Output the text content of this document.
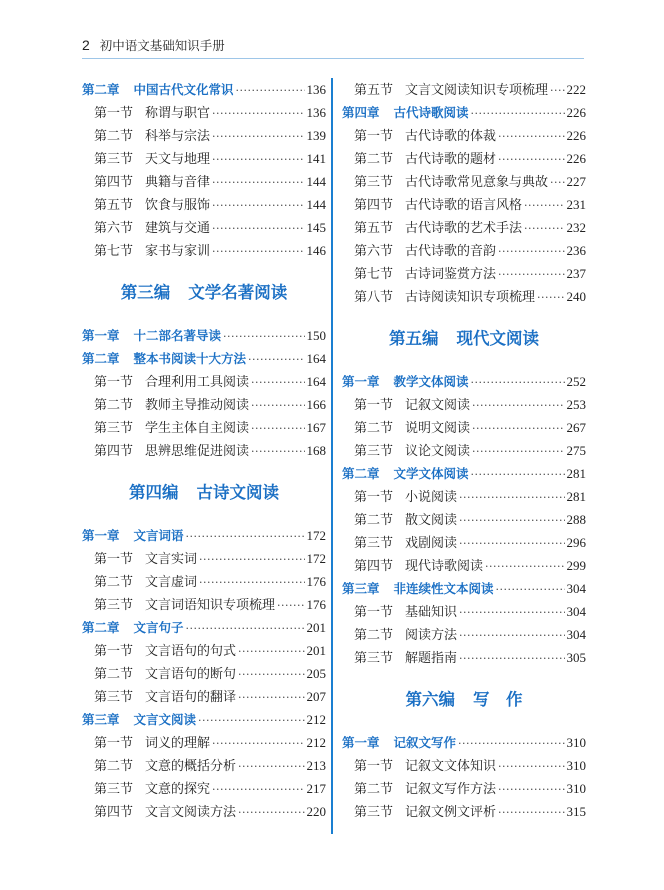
2 初中语文基础知识手册
第二章 中国古代文化常识 ·····	136
第一节 称谓与职官 ·····	136
第二节 科举与宗法 ·····	139
第三节 天文与地理 ·····	141
第四节 典籍与音律 ·····	144
第五节 饮食与服饰 ·····	144
第六节 建筑与交通 ·····	145
第七节 家书与家训 ·····	146
第三编 文学名著阅读
第一章 十二部名著导读 ·····	150
第二章 整本书阅读十大方法 ·····	164
第一节 合理利用工具阅读 ·····	164
第二节 教师主导推动阅读 ·····	166
第三节 学生主体自主阅读 ·····	167
第四节 思辨思维促进阅读 ·····	168
第四编 古诗文阅读
第一章 文言词语 ·····	172
第一节 文言实词 ·····	172
第二节 文言虚词 ·····	176
第三节 文言词语知识专项梳理 ····· 176
第二章 文言句子 ·····	201
第一节 文言语句的句式 ·····	201
第二节 文言语句的断句 ·····	205
第三节 文言语句的翻译 ·····	207
第三章 文言文阅读 ·····	212
第一节 词义的理解 ·····	212
第二节 文意的概括分析 ·····	213
第三节 文意的探究 ·····	217
第四节 文言文阅读方法 ·····	220
第五节 文言文阅读知识专项梳理 ····· 222
第四章 古代诗歌阅读 ·····	226
第一节 古代诗歌的体裁 ·····	226
第二节 古代诗歌的题材 ·····	226
第三节 古代诗歌常见意象与典故 ····· 227
第四节 古代诗歌的语言风格 ·····	231
第五节 古代诗歌的艺术手法 ·····	232
第六节 古代诗歌的音韵 ·····	236
第七节 古诗词鉴赏方法 ·····	237
第八节 古诗阅读知识专项梳理 ····· 240
第五编 现代文阅读
第一章 教学文体阅读 ·····	252
第一节 记叙文阅读 ·····	253
第二节 说明文阅读 ·····	267
第三节 议论文阅读 ·····	275
第二章 文学文体阅读 ·····	281
第一节 小说阅读 ·····	281
第二节 散文阅读 ·····	288
第三节 戏剧阅读 ·····	296
第四节 现代诗歌阅读 ·····	299
第三章 非连续性文本阅读 ·····	304
第一节 基础知识 ·····	304
第二节 阅读方法 ·····	304
第三节 解题指南 ·····	305
第六编 写　作
第一章 记叙文写作 ·····	310
第一节 记叙文文体知识 ·····	310
第二节 记叙文写作方法 ·····	310
第三节 记叙文例文评析 ·····	315
